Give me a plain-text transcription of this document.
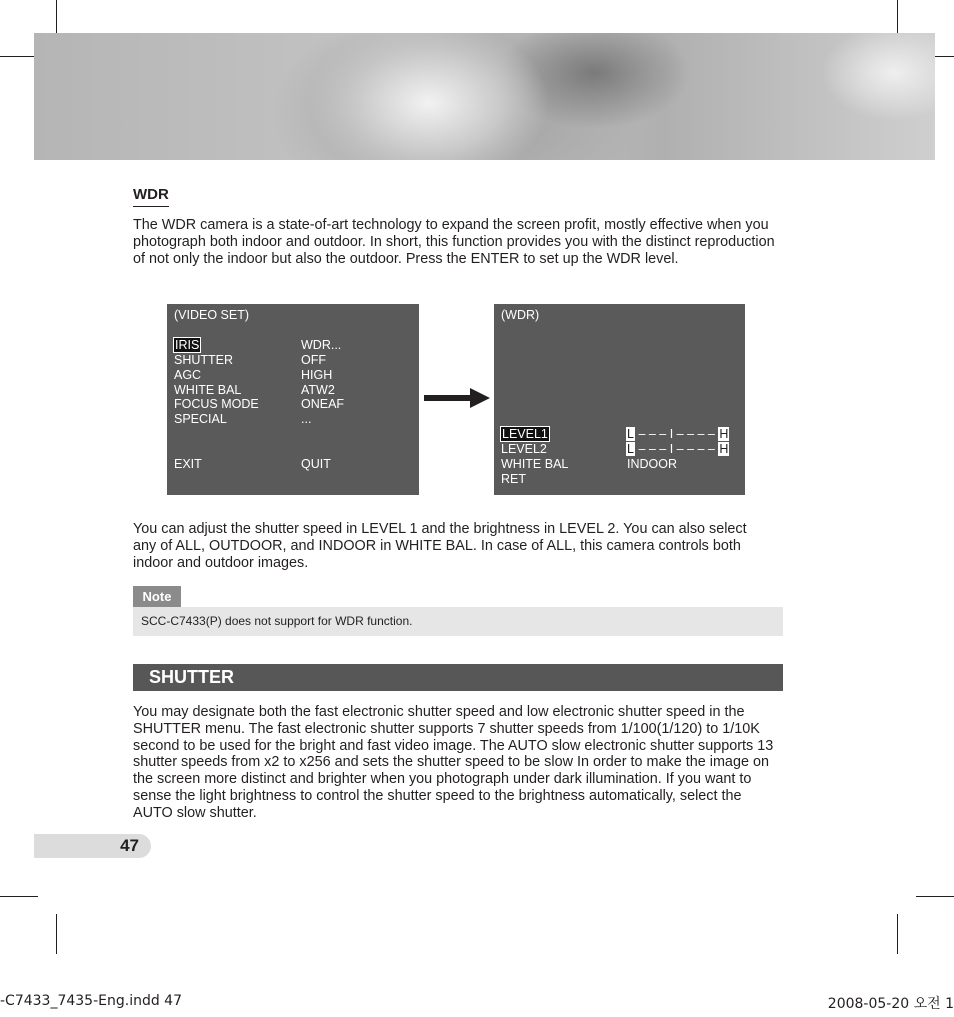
WDR
The WDR camera is a state-of-art technology to expand the screen profit, mostly effective when you photograph both indoor and outdoor. In short, this function provides you with the distinct reproduction of not only the indoor but also the outdoor. Press the ENTER to set up the WDR level.
(VIDEO SET)
IRIS	WDR...
SHUTTER	OFF
AGC	HIGH
WHITE BAL	ATW2
FOCUS MODE	ONEAF
SPECIAL	...
EXIT	QUIT
(WDR)
LEVEL1	L – – – I – – – – H
LEVEL2	L – – – I – – – – H
WHITE BAL	INDOOR
RET
You can adjust the shutter speed in LEVEL 1 and the brightness in LEVEL 2. You can also select any of ALL, OUTDOOR, and INDOOR in WHITE BAL. In case of ALL, this camera controls both indoor and outdoor images.
Note
SCC-C7433(P) does not support for WDR function.
SHUTTER
You may designate both the fast electronic shutter speed and low electronic shutter speed in the SHUTTER menu. The fast electronic shutter supports 7 shutter speeds from 1/100(1/120) to 1/10K second to be used for the bright and fast video image. The AUTO slow electronic shutter supports 13 shutter speeds from x2 to x256 and sets the shutter speed to be slow In order to make the image on the screen more distinct and brighter when you photograph under dark illumination. If you want to sense the light brightness to control the shutter speed to the brightness automatically, select the AUTO slow shutter.
47
-C7433_7435-Eng.indd 47	2008-05-20 오전 1
